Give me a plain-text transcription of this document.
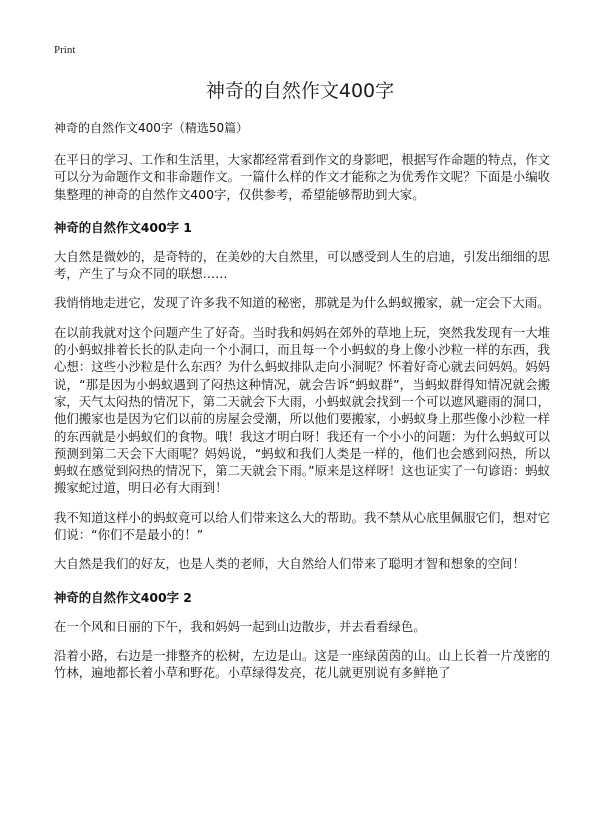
Print
神奇的自然作文400字
神奇的自然作文400字（精选50篇）

在平日的学习、工作和生活里，大家都经常看到作文的身影吧，根据写作命题的特点，作文可以分为命题作文和非命题作文。一篇什么样的作文才能称之为优秀作文呢？下面是小编收集整理的神奇的自然作文400字，仅供参考，希望能够帮助到大家。

神奇的自然作文400字 1

大自然是微妙的，是奇特的，在美妙的大自然里，可以感受到人生的启迪，引发出细细的思考，产生了与众不同的联想……

我悄悄地走进它，发现了许多我不知道的秘密，那就是为什么蚂蚁搬家，就一定会下大雨。

在以前我就对这个问题产生了好奇。当时我和妈妈在郊外的草地上玩，突然我发现有一大堆的小蚂蚁排着长长的队走向一个小洞口，而且每一个小蚂蚁的身上像小沙粒一样的东西，我心想：这些小沙粒是什么东西？为什么蚂蚁排队走向小洞呢？怀着好奇心就去问妈妈。妈妈说，“那是因为小蚂蚁遇到了闷热这种情况，就会告诉“蚂蚁群”，当蚂蚁群得知情况就会搬家，天气太闷热的情况下，第二天就会下大雨，小蚂蚁就会找到一个可以遮风避雨的洞口，他们搬家也是因为它们以前的房屋会受潮，所以他们要搬家，小蚂蚁身上那些像小沙粒一样的东西就是小蚂蚁们的食物。哦！我这才明白呀！我还有一个小小的问题：为什么蚂蚁可以预测到第二天会下大雨呢？妈妈说，“蚂蚁和我们人类是一样的，他们也会感到闷热，所以蚂蚁在感觉到闷热的情况下，第二天就会下雨。”原来是这样呀！这也证实了一句谚语：蚂蚁搬家蛇过道，明日必有大雨到！

我不知道这样小的蚂蚁竟可以给人们带来这么大的帮助。我不禁从心底里佩服它们，想对它们说：“你们不是最小的！”

大自然是我们的好友，也是人类的老师，大自然给人们带来了聪明才智和想象的空间！

神奇的自然作文400字 2

在一个风和日丽的下午，我和妈妈一起到山边散步，并去看看绿色。

沿着小路，右边是一排整齐的松树，左边是山。这是一座绿茵茵的山。山上长着一片茂密的竹林，遍地都长着小草和野花。小草绿得发亮，花儿就更别说有多鲜艳了
